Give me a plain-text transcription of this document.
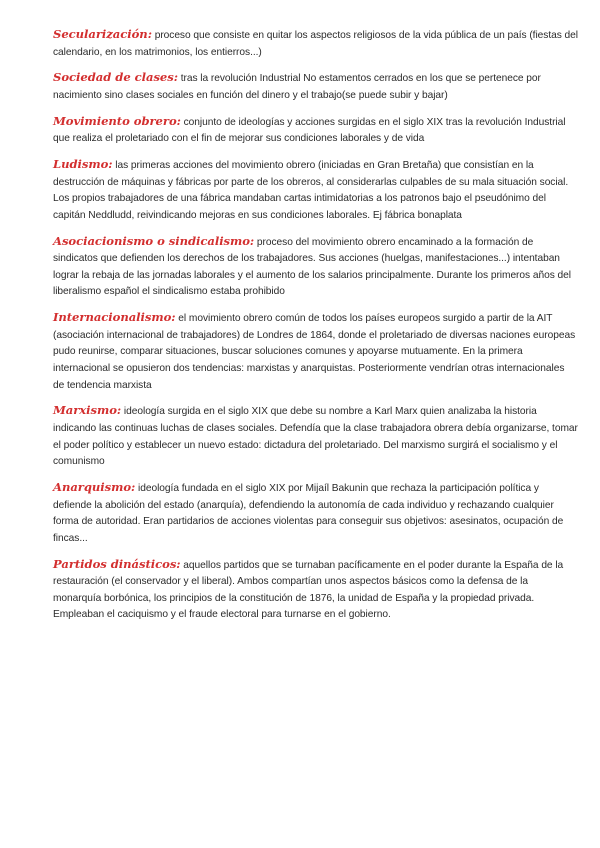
Secularización: proceso que consiste en quitar los aspectos religiosos de la vida pública de un país (fiestas del calendario, en los matrimonios, los entierros...)

Sociedad de clases: tras la revolución Industrial No estamentos cerrados en los que se pertenece por nacimiento sino clases sociales en función del dinero y el trabajo(se puede subir y bajar)

Movimiento obrero: conjunto de ideologías y acciones surgidas en el siglo XIX tras la revolución Industrial que realiza el proletariado con el fin de mejorar sus condiciones laborales y de vida

Ludismo: las primeras acciones del movimiento obrero (iniciadas en Gran Bretaña) que consistían en la destrucción de máquinas y fábricas por parte de los obreros, al considerarlas culpables de su mala situación social. Los propios trabajadores de una fábrica mandaban cartas intimidatorias a los patronos bajo el pseudónimo del capitán Neddludd, reivindicando mejoras en sus condiciones laborales. Ej fábrica bonaplata

Asociacionismo o sindicalismo: proceso del movimiento obrero encaminado a la formación de sindicatos que defienden los derechos de los trabajadores. Sus acciones (huelgas, manifestaciones...) intentaban lograr la rebaja de las jornadas laborales y el aumento de los salarios principalmente. Durante los primeros años del liberalismo español el sindicalismo estaba prohibido

Internacionalismo: el movimiento obrero común de todos los países europeos surgido a partir de la AIT (asociación internacional de trabajadores) de Londres de 1864, donde el proletariado de diversas naciones europeas pudo reunirse, comparar situaciones, buscar soluciones comunes y apoyarse mutuamente. En la primera internacional se opusieron dos tendencias: marxistas y anarquistas. Posteriormente vendrían otras internacionales de tendencia marxista

Marxismo: ideología surgida en el siglo XIX que debe su nombre a Karl Marx quien analizaba la historia indicando las continuas luchas de clases sociales. Defendía que la clase trabajadora obrera debía organizarse, tomar el poder político y establecer un nuevo estado: dictadura del proletariado. Del marxismo surgirá el socialismo y el comunismo

Anarquismo: ideología fundada en el siglo XIX por Mijaíl Bakunin que rechaza la participación política y defiende la abolición del estado (anarquía), defendiendo la autonomía de cada individuo y rechazando cualquier forma de autoridad. Eran partidarios de acciones violentas para conseguir sus objetivos: asesinatos, ocupación de fincas...

Partidos dinásticos: aquellos partidos que se turnaban pacíficamente en el poder durante la España de la restauración (el conservador y el liberal). Ambos compartían unos aspectos básicos como la defensa de la monarquía borbónica, los principios de la constitución de 1876, la unidad de España y la propiedad privada. Empleaban el caciquismo y el fraude electoral para turnarse en el gobierno.
